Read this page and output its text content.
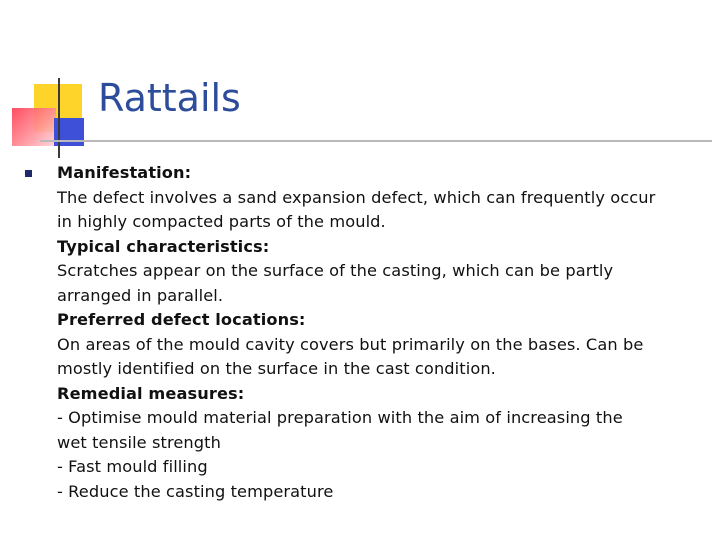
Rattails
Manifestation:
The defect involves a sand expansion defect, which can frequently occur
in highly compacted parts of the mould.
Typical characteristics:
Scratches appear on the surface of the casting, which can be partly
arranged in parallel.
Preferred defect locations:
On areas of the mould cavity covers but primarily on the bases. Can be
mostly identified on the surface in the cast condition.
Remedial measures:
- Optimise mould material preparation with the aim of increasing the
wet tensile strength
- Fast mould filling
- Reduce the casting temperature
